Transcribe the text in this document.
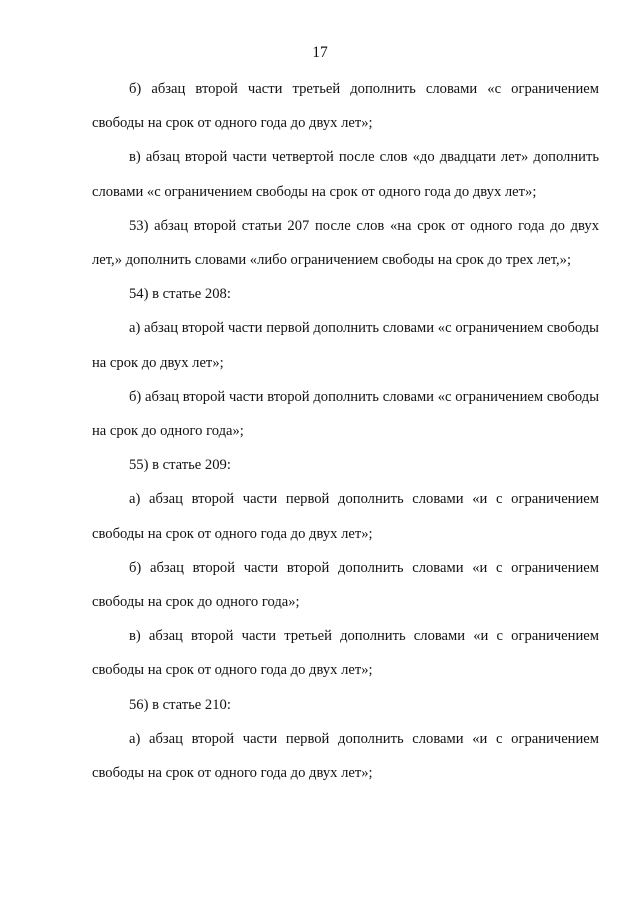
17

б) абзац второй части третьей дополнить словами «с ограничением свободы на срок от одного года до двух лет»;

в) абзац второй части четвертой после слов «до двадцати лет» дополнить словами «с ограничением свободы на срок от одного года до двух лет»;

53) абзац второй статьи 207 после слов «на срок от одного года до двух лет,» дополнить словами «либо ограничением свободы на срок до трех лет,»;

54) в статье 208:

а) абзац второй части первой дополнить словами «с ограничением свободы на срок до двух лет»;

б) абзац второй части второй дополнить словами «с ограничением свободы на срок до одного года»;

55) в статье 209:

а) абзац второй части первой дополнить словами «и с ограничением свободы на срок от одного года до двух лет»;

б) абзац второй части второй дополнить словами «и с ограничением свободы на срок до одного года»;

в) абзац второй части третьей дополнить словами «и с ограничением свободы на срок от одного года до двух лет»;

56) в статье 210:

а) абзац второй части первой дополнить словами «и с ограничением свободы на срок от одного года до двух лет»;
